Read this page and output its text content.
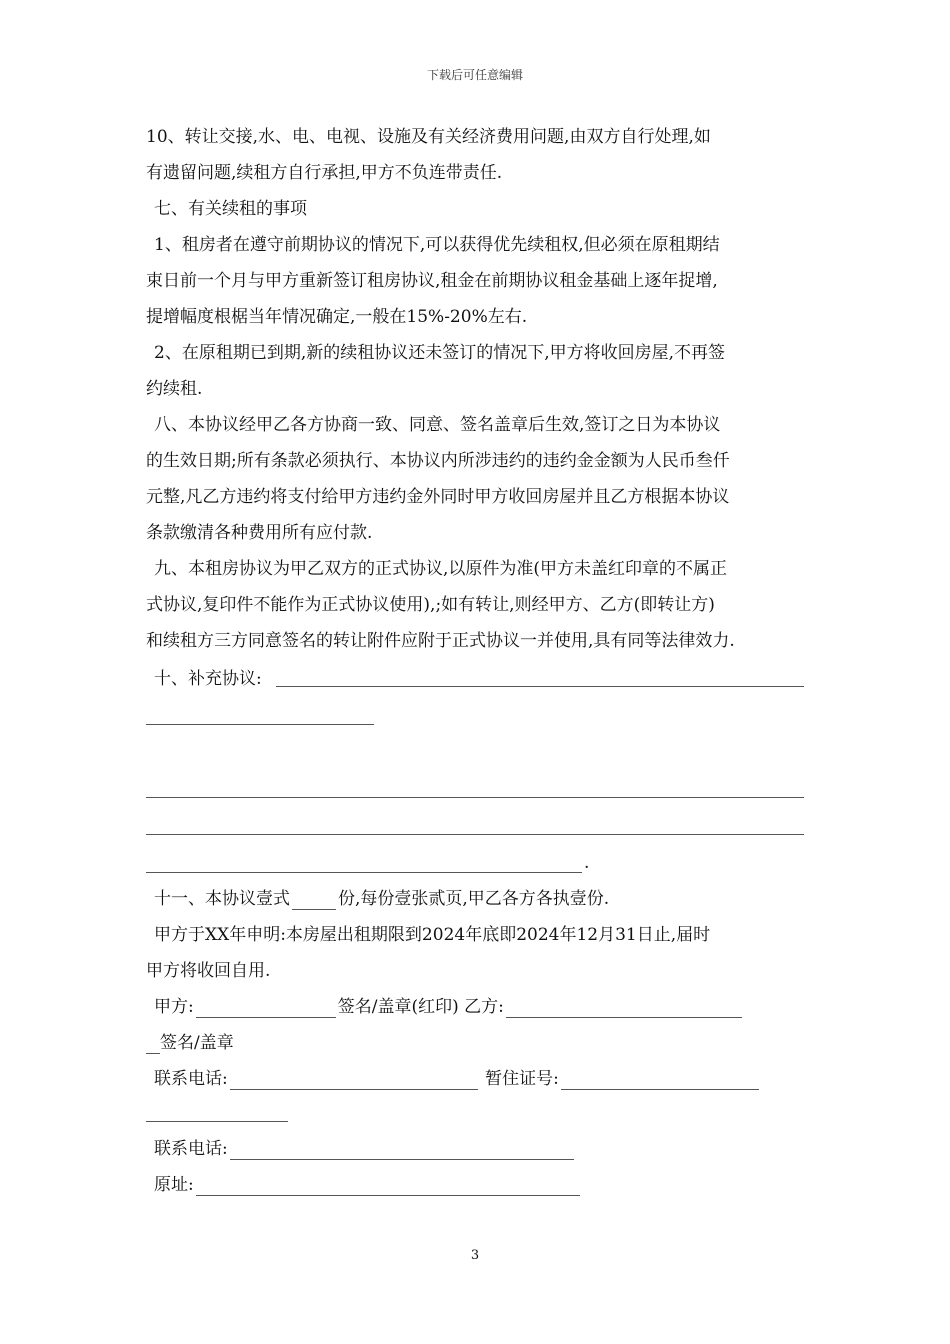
下载后可任意编辑
10、转让交接,水、电、电视、设施及有关经济费用问题,由双方自行处理,如
有遗留问题,续租方自行承担,甲方不负连带责任.
七、有关续租的事项
1、租房者在遵守前期协议的情况下,可以获得优先续租权,但必须在原租期结
束日前一个月与甲方重新签订租房协议,租金在前期协议租金基础上逐年捉增,
提增幅度根椐当年情况确定,一般在15%-20%左右.
2、在原租期已到期,新的续租协议还未签订的情况下,甲方将收回房屋,不再签
约续租.
八、本协议经甲乙各方协商一致、同意、签名盖章后生效,签订之日为本协议
的生效日期;所有条款必须执行、本协议内所涉违约的违约金金额为人民币叁仟
元整,凡乙方违约将支付给甲方违约金外同时甲方收回房屋并且乙方根据本协议
条款缴清各种费用所有应付款.
九、本租房协议为甲乙双方的正式协议,以原件为准(甲方未盖红印章的不属正
式协议,复印件不能作为正式协议使用),;如有转让,则经甲方、乙方(即转让方)
和续租方三方同意签名的转让附件应附于正式协议一并使用,具有同等法律效力.
十、补充协议:
.
十一、本协议壹式	份,每份壹张贰页,甲乙各方各执壹份.
甲方于XX年申明:本房屋出租期限到2024年底即2024年12月31日止,届时
甲方将收回自用.
甲方:	签名/盖章(红印) 乙方:
签名/盖章
联系电话:	暂住证号:
联系电话:
原址:
3
